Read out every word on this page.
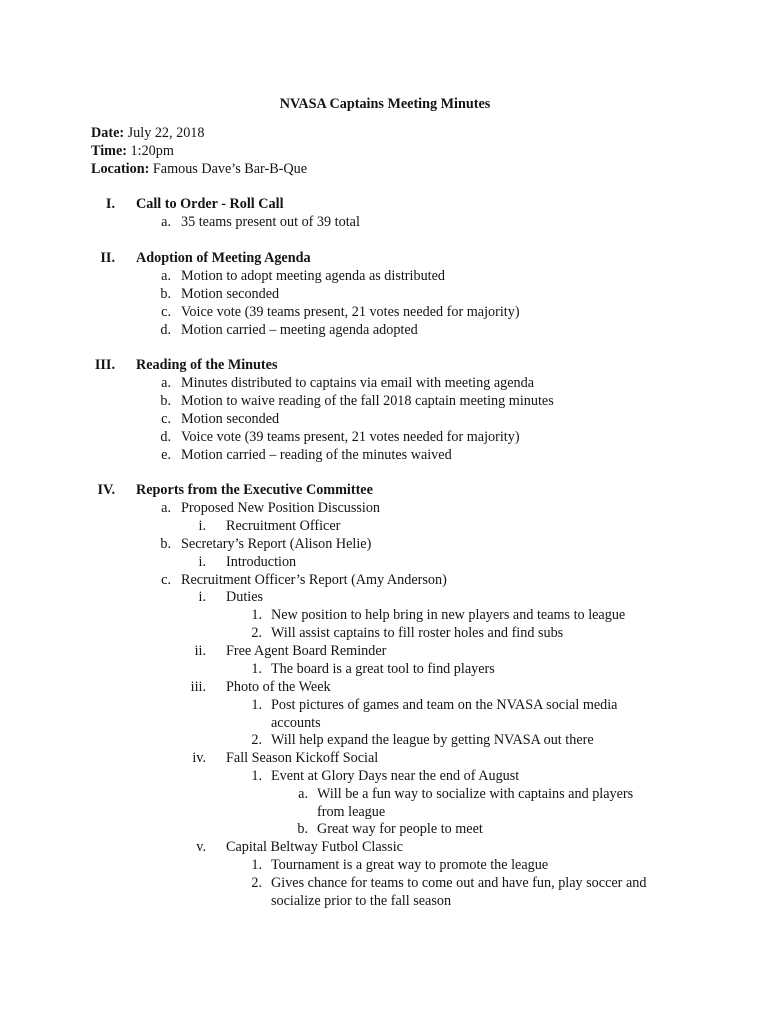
NVASA Captains Meeting Minutes
Date: July 22, 2018
Time: 1:20pm
Location: Famous Dave’s Bar-B-Que
I. Call to Order - Roll Call
a. 35 teams present out of 39 total
II. Adoption of Meeting Agenda
a. Motion to adopt meeting agenda as distributed
b. Motion seconded
c. Voice vote (39 teams present, 21 votes needed for majority)
d. Motion carried – meeting agenda adopted
III. Reading of the Minutes
a. Minutes distributed to captains via email with meeting agenda
b. Motion to waive reading of the fall 2018 captain meeting minutes
c. Motion seconded
d. Voice vote (39 teams present, 21 votes needed for majority)
e. Motion carried – reading of the minutes waived
IV. Reports from the Executive Committee
a. Proposed New Position Discussion
i. Recruitment Officer
b. Secretary’s Report (Alison Helie)
i. Introduction
c. Recruitment Officer’s Report (Amy Anderson)
i. Duties
1. New position to help bring in new players and teams to league
2. Will assist captains to fill roster holes and find subs
ii. Free Agent Board Reminder
1. The board is a great tool to find players
iii. Photo of the Week
1. Post pictures of games and team on the NVASA social media accounts
2. Will help expand the league by getting NVASA out there
iv. Fall Season Kickoff Social
1. Event at Glory Days near the end of August
a. Will be a fun way to socialize with captains and players from league
b. Great way for people to meet
v. Capital Beltway Futbol Classic
1. Tournament is a great way to promote the league
2. Gives chance for teams to come out and have fun, play soccer and socialize prior to the fall season
